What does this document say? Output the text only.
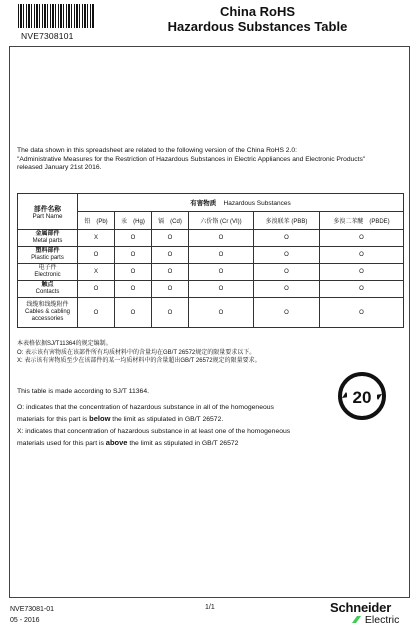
NVE7308101
China RoHS
Hazardous Substances Table

The data shown in this spreadsheet are related to the following version of the China RoHS 2.0:

"Administrative Measures for the Restriction of Hazardous Substances in Electric Appliances and Electronic Products"

released January 21st 2016.

部件名称
Part Name	有害物质 Hazardous Substances					
	铅　(Pb)	汞　(Hg)	镉　(Cd)	六价铬 (Cr (VI))	多溴联苯 (PBB)	多溴二苯醚　(PBDE)
金属部件
Metal parts	X	O	O	O	O	O
塑料部件
Plastic parts	O	O	O	O	O	O
电子件
Electronic	X	O	O	O	O	O
触点
Contacts	O	O	O	O	O	O
线缆和线缆附件
Cables & cabling accessories	O	O	O	O	O	O

本表格依据SJ/T11364的规定编制。

O: 表示该有害物质在该部件所有均质材料中的含量均在GB/T 26572规定的限量要求以下。

X: 表示该有害物质至少在该部件的某一均质材料中的含量超出GB/T 26572规定的限量要求。

This table is made according to SJ/T 11364.

O: indicates that the concentration of hazardous substance in all of the homogeneous

materials for this part is below the limit as stipulated in GB/T 26572.

X: indicates that concentration of hazardous substance in at least one of the homogeneous

materials used for this part is above the limit as stipulated in GB/T 26572

20

NVE73081-01

05 - 2016

1/1	Schneider
Electric
